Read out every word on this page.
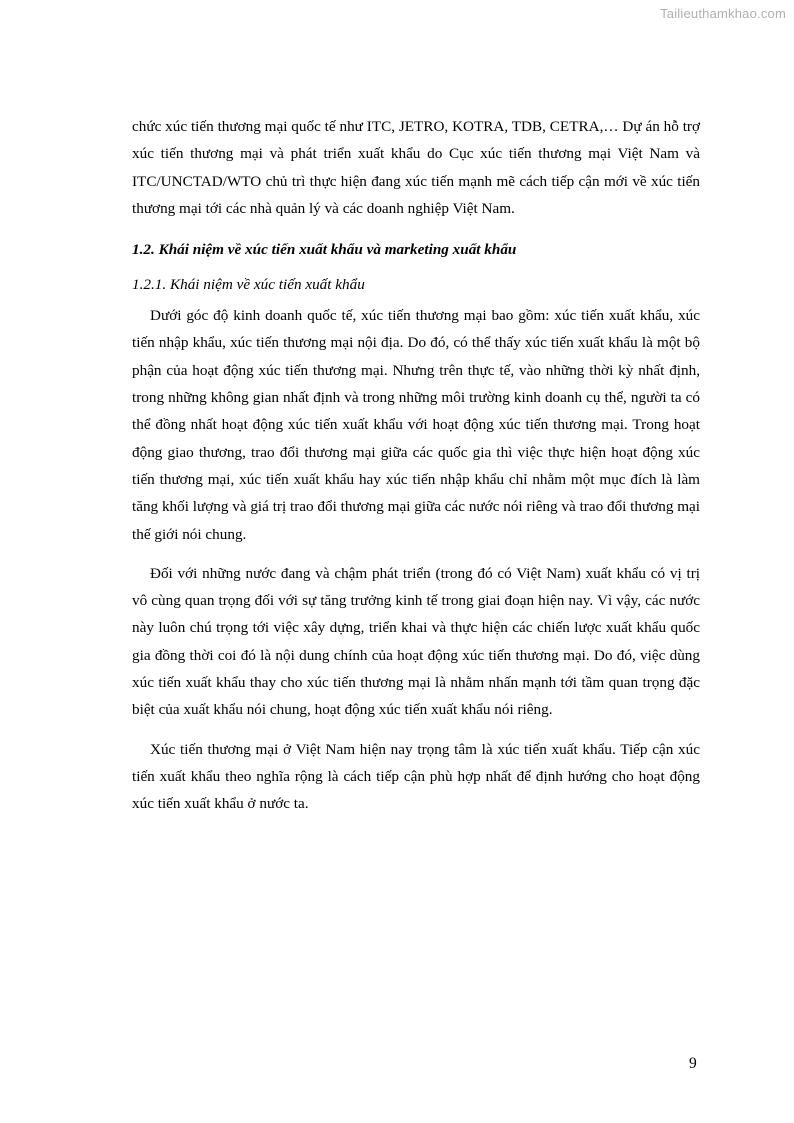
Tailieuthamkhao.com

chức xúc tiến thương mại quốc tế như ITC, JETRO, KOTRA, TDB, CETRA,… Dự án hỗ trợ xúc tiến thương mại và phát triển xuất khẩu do Cục xúc tiến thương mại Việt Nam và ITC/UNCTAD/WTO chủ trì thực hiện đang xúc tiến mạnh mẽ cách tiếp cận mới về xúc tiến thương mại tới các nhà quản lý và các doanh nghiệp Việt Nam.

1.2. Khái niệm về xúc tiến xuất khẩu và marketing xuất khẩu

1.2.1. Khái niệm về xúc tiến xuất khẩu

Dưới góc độ kinh doanh quốc tế, xúc tiến thương mại bao gồm: xúc tiến xuất khẩu, xúc tiến nhập khẩu, xúc tiến thương mại nội địa. Do đó, có thể thấy xúc tiến xuất khẩu là một bộ phận của hoạt động xúc tiến thương mại. Nhưng trên thực tế, vào những thời kỳ nhất định, trong những không gian nhất định và trong những môi trường kinh doanh cụ thể, người ta có thể đồng nhất hoạt động xúc tiến xuất khẩu với hoạt động xúc tiến thương mại. Trong hoạt động giao thương, trao đổi thương mại giữa các quốc gia thì việc thực hiện hoạt động xúc tiến thương mại, xúc tiến xuất khẩu hay xúc tiến nhập khẩu chỉ nhằm một mục đích là làm tăng khối lượng và giá trị trao đổi thương mại giữa các nước nói riêng và trao đổi thương mại thế giới nói chung.

Đối với những nước đang và chậm phát triển (trong đó có Việt Nam) xuất khẩu có vị trị vô cùng quan trọng đối với sự tăng trưởng kinh tế trong giai đoạn hiện nay. Vì vậy, các nước này luôn chú trọng tới việc xây dựng, triển khai và thực hiện các chiến lược xuất khẩu quốc gia đồng thời coi đó là nội dung chính của hoạt động xúc tiến thương mại. Do đó, việc dùng xúc tiến xuất khẩu thay cho xúc tiến thương mại là nhằm nhấn mạnh tới tầm quan trọng đặc biệt của xuất khẩu nói chung, hoạt động xúc tiến xuất khẩu nói riêng.

Xúc tiến thương mại ở Việt Nam hiện nay trọng tâm là xúc tiến xuất khẩu. Tiếp cận xúc tiến xuất khẩu theo nghĩa rộng là cách tiếp cận phù hợp nhất để định hướng cho hoạt động xúc tiến xuất khẩu ở nước ta.

9
